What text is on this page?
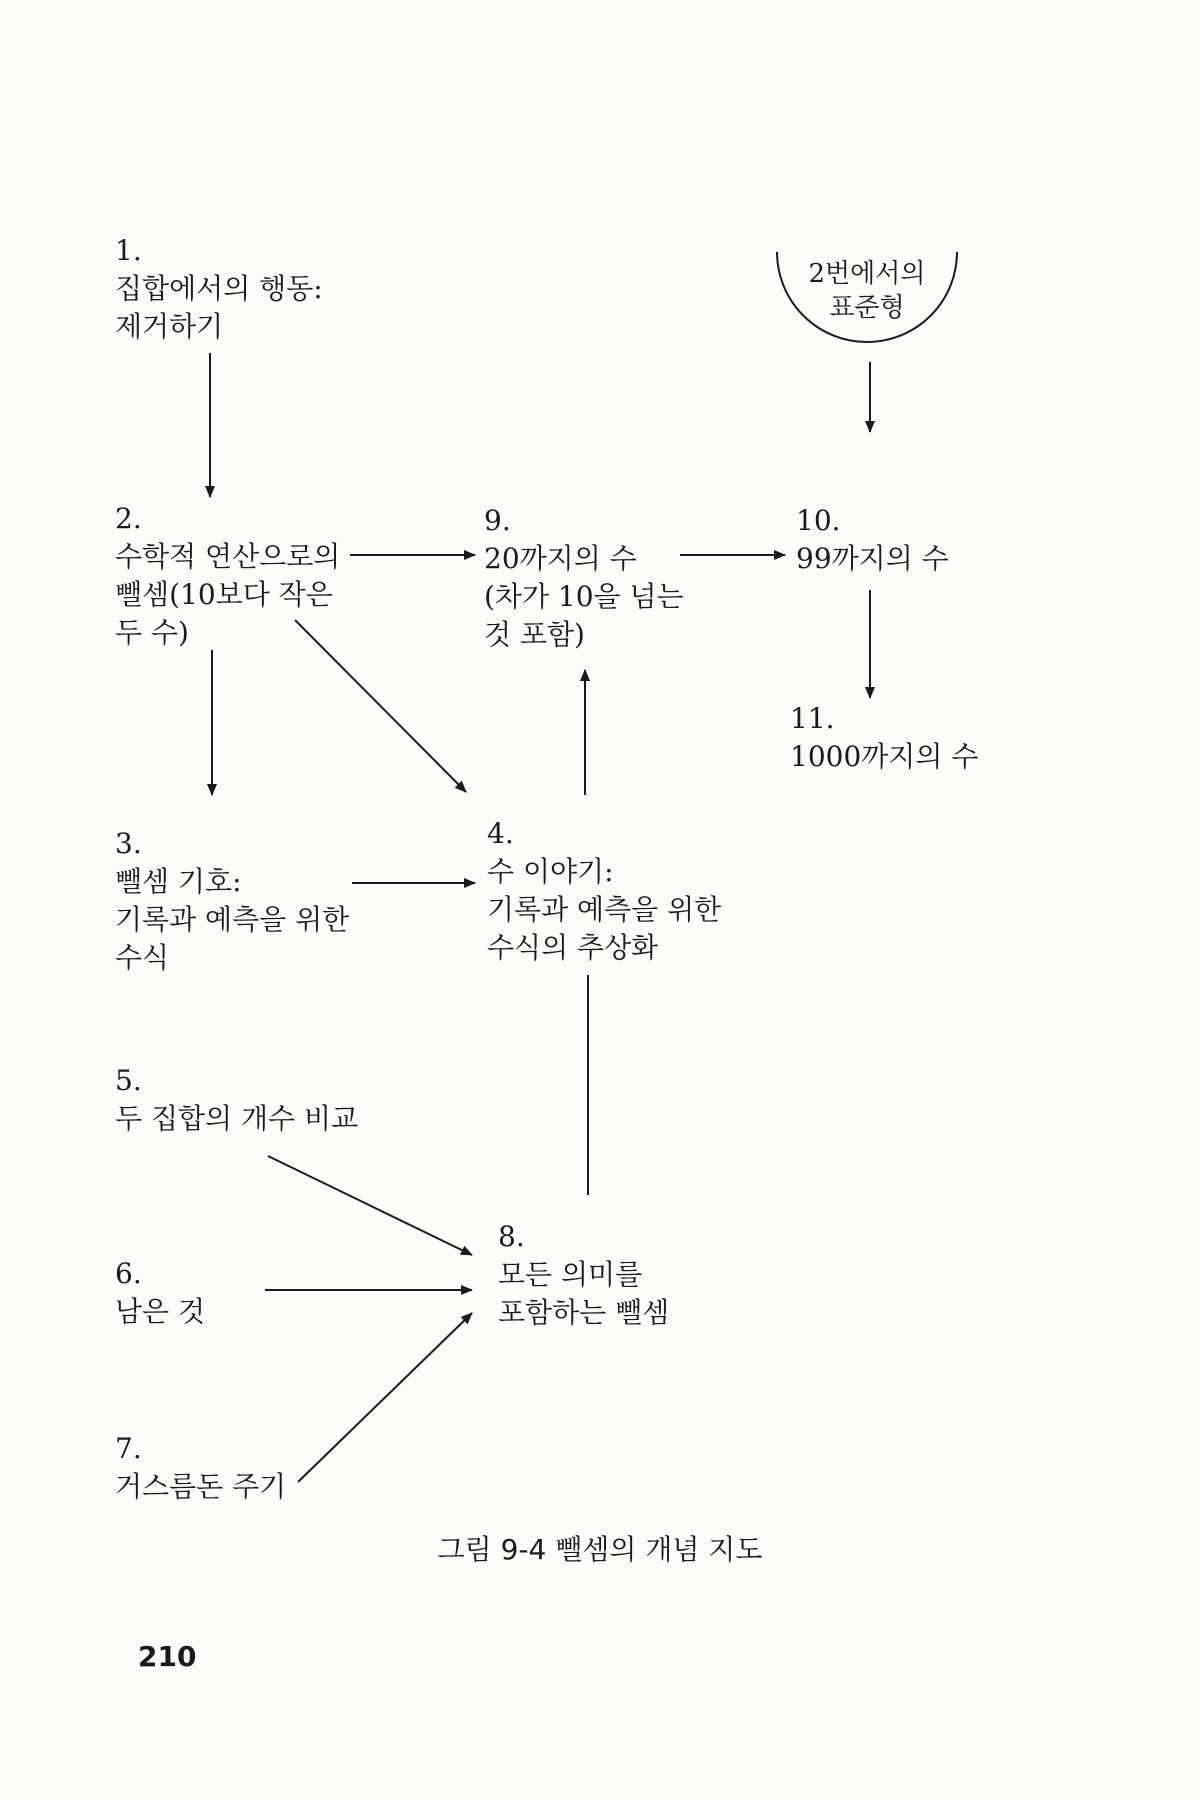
2번에서의
표준형
1.
집합에서의 행동:
제거하기
2.
수학적 연산으로의
뺄셈(10보다 작은
두 수)
3.
뺄셈 기호:
기록과 예측을 위한
수식
4.
수 이야기:
기록과 예측을 위한
수식의 추상화
5.
두 집합의 개수 비교
6.
남은 것
7.
거스름돈 주기
8.
모든 의미를
포함하는 뺄셈
9.
20까지의 수
(차가 10을 넘는
것 포함)
10.
99까지의 수
11.
1000까지의 수
그림 9-4 뺄셈의 개념 지도
210
